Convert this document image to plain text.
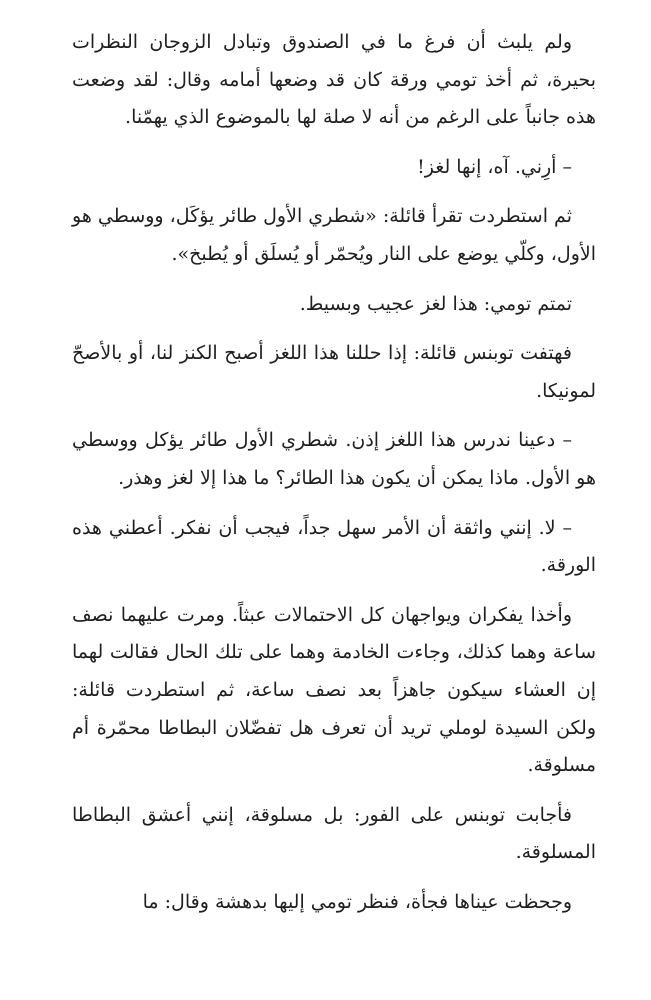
ولم يلبث أن فرغ ما في الصندوق وتبادل الزوجان النظرات بحيرة، ثم أخذ تومي ورقة كان قد وضعها أمامه وقال: لقد وضعت هذه جانباً على الرغم من أنه لا صلة لها بالموضوع الذي يهمّنا.

– أرِني. آه، إنها لغز!

ثم استطردت تقرأ قائلة: «شطري الأول طائر يؤكَل، ووسطي هو الأول، وكلّي يوضع على النار ويُحمّر أو يُسلَق أو يُطبخ».

تمتم تومي: هذا لغز عجيب وبسيط.

فهتفت توبنس قائلة: إذا حللنا هذا اللغز أصبح الكنز لنا، أو بالأصحّ لمونيكا.

– دعينا ندرس هذا اللغز إذن. شطري الأول طائر يؤكل ووسطي هو الأول. ماذا يمكن أن يكون هذا الطائر؟ ما هذا إلا لغز وهذر.

– لا. إنني واثقة أن الأمر سهل جداً، فيجب أن نفكر. أعطني هذه الورقة.

وأخذا يفكران ويواجهان كل الاحتمالات عبثاً. ومرت عليهما نصف ساعة وهما كذلك، وجاءت الخادمة وهما على تلك الحال فقالت لهما إن العشاء سيكون جاهزاً بعد نصف ساعة، ثم استطردت قائلة: ولكن السيدة لوملي تريد أن تعرف هل تفضّلان البطاطا محمّرة أم مسلوقة.

فأجابت توبنس على الفور: بل مسلوقة، إنني أعشق البطاطا المسلوقة.

وجحظت عيناها فجأة، فنظر تومي إليها بدهشة وقال: ما
